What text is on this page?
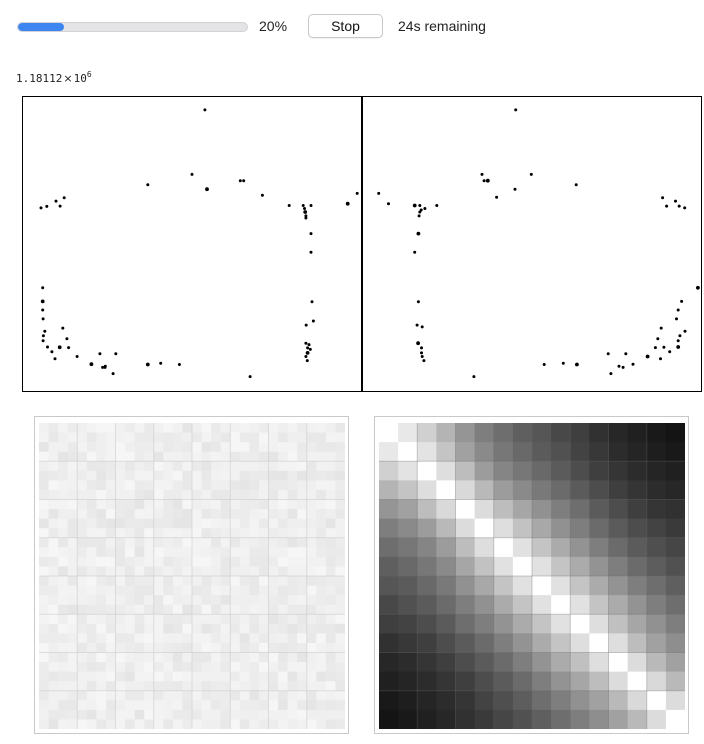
20%	Stop	24s remaining
$1.18112\times 10^6$
